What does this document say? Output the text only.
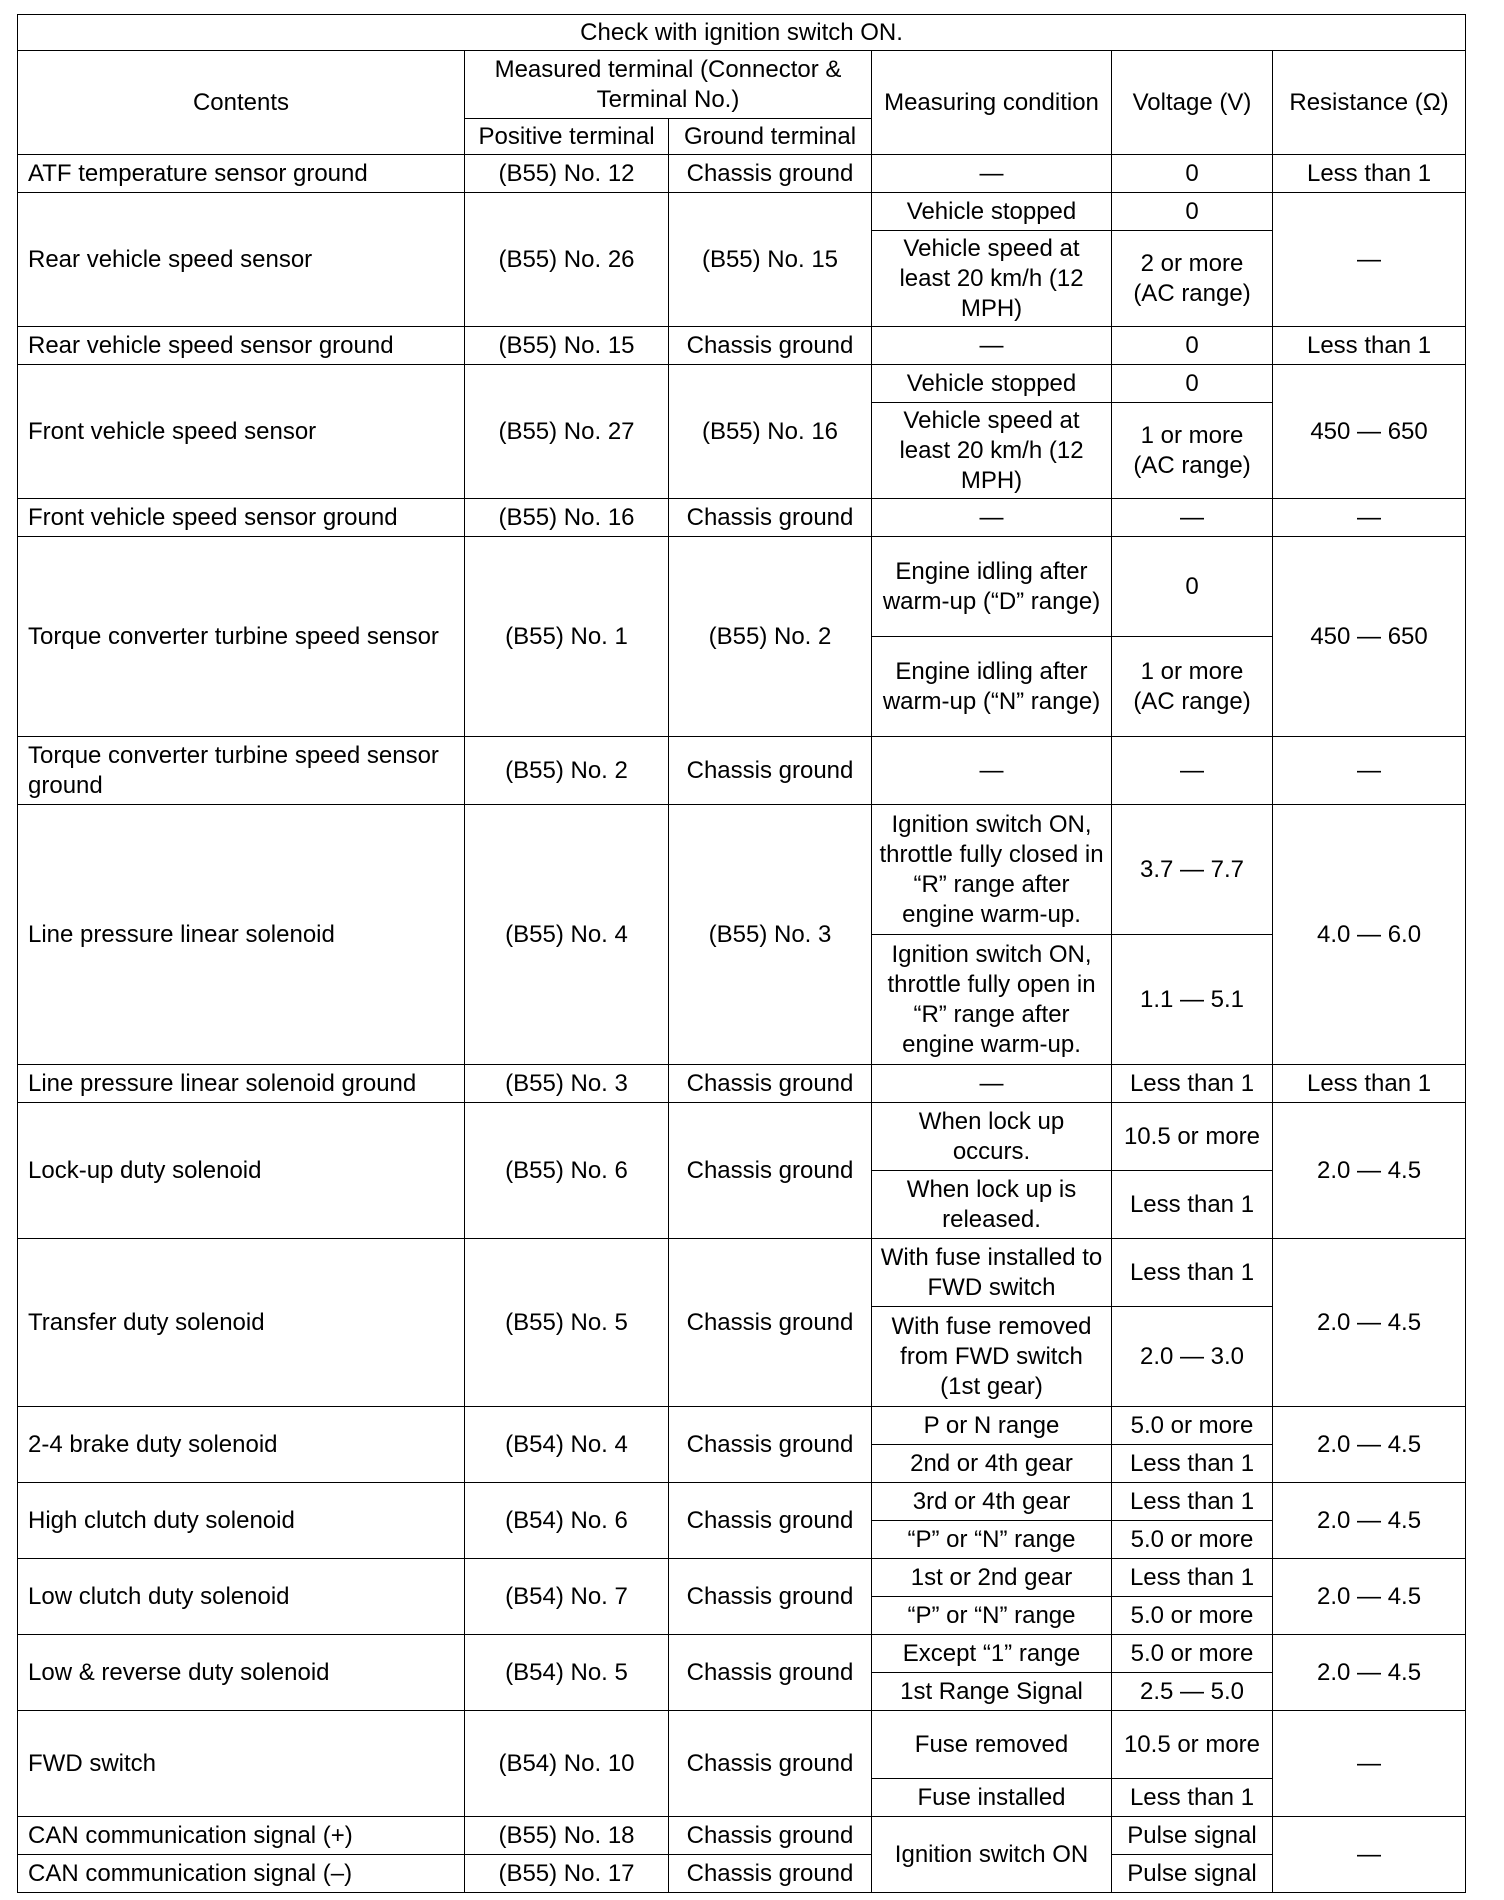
Check with ignition switch ON.					
Contents	Measured terminal (Connector & Terminal No.)		Measuring condition	Voltage (V)	Resistance (Ω)
	Positive terminal	Ground terminal			
ATF temperature sensor ground	(B55) No. 12	Chassis ground	—	0	Less than 1
Rear vehicle speed sensor	(B55) No. 26	(B55) No. 15	Vehicle stopped	0	—
			Vehicle speed at least 20 km/h (12 MPH)	2 or more (AC range)	
Rear vehicle speed sensor ground	(B55) No. 15	Chassis ground	—	0	Less than 1
Front vehicle speed sensor	(B55) No. 27	(B55) No. 16	Vehicle stopped	0	450 — 650
			Vehicle speed at least 20 km/h (12 MPH)	1 or more (AC range)	
Front vehicle speed sensor ground	(B55) No. 16	Chassis ground	—	—	—
Torque converter turbine speed sensor	(B55) No. 1	(B55) No. 2	Engine idling after warm-up (“D” range)	0	450 — 650
			Engine idling after warm-up (“N” range)	1 or more (AC range)	
Torque converter turbine speed sensor ground	(B55) No. 2	Chassis ground	—	—	—
Line pressure linear solenoid	(B55) No. 4	(B55) No. 3	Ignition switch ON, throttle fully closed in “R” range after engine warm-up.	3.7 — 7.7	4.0 — 6.0
			Ignition switch ON, throttle fully open in “R” range after engine warm-up.	1.1 — 5.1	
Line pressure linear solenoid ground	(B55) No. 3	Chassis ground	—	Less than 1	Less than 1
Lock-up duty solenoid	(B55) No. 6	Chassis ground	When lock up occurs.	10.5 or more	2.0 — 4.5
			When lock up is released.	Less than 1	
Transfer duty solenoid	(B55) No. 5	Chassis ground	With fuse installed to FWD switch	Less than 1	2.0 — 4.5
			With fuse removed from FWD switch (1st gear)	2.0 — 3.0	
2-4 brake duty solenoid	(B54) No. 4	Chassis ground	P or N range	5.0 or more	2.0 — 4.5
			2nd or 4th gear	Less than 1	
High clutch duty solenoid	(B54) No. 6	Chassis ground	3rd or 4th gear	Less than 1	2.0 — 4.5
			“P” or “N” range	5.0 or more	
Low clutch duty solenoid	(B54) No. 7	Chassis ground	1st or 2nd gear	Less than 1	2.0 — 4.5
			“P” or “N” range	5.0 or more	
Low & reverse duty solenoid	(B54) No. 5	Chassis ground	Except “1” range	5.0 or more	2.0 — 4.5
			1st Range Signal	2.5 — 5.0	
FWD switch	(B54) No. 10	Chassis ground	Fuse removed	10.5 or more	—
			Fuse installed	Less than 1	
CAN communication signal (+)	(B55) No. 18	Chassis ground	Ignition switch ON	Pulse signal	—
CAN communication signal (–)	(B55) No. 17	Chassis ground		Pulse signal	
